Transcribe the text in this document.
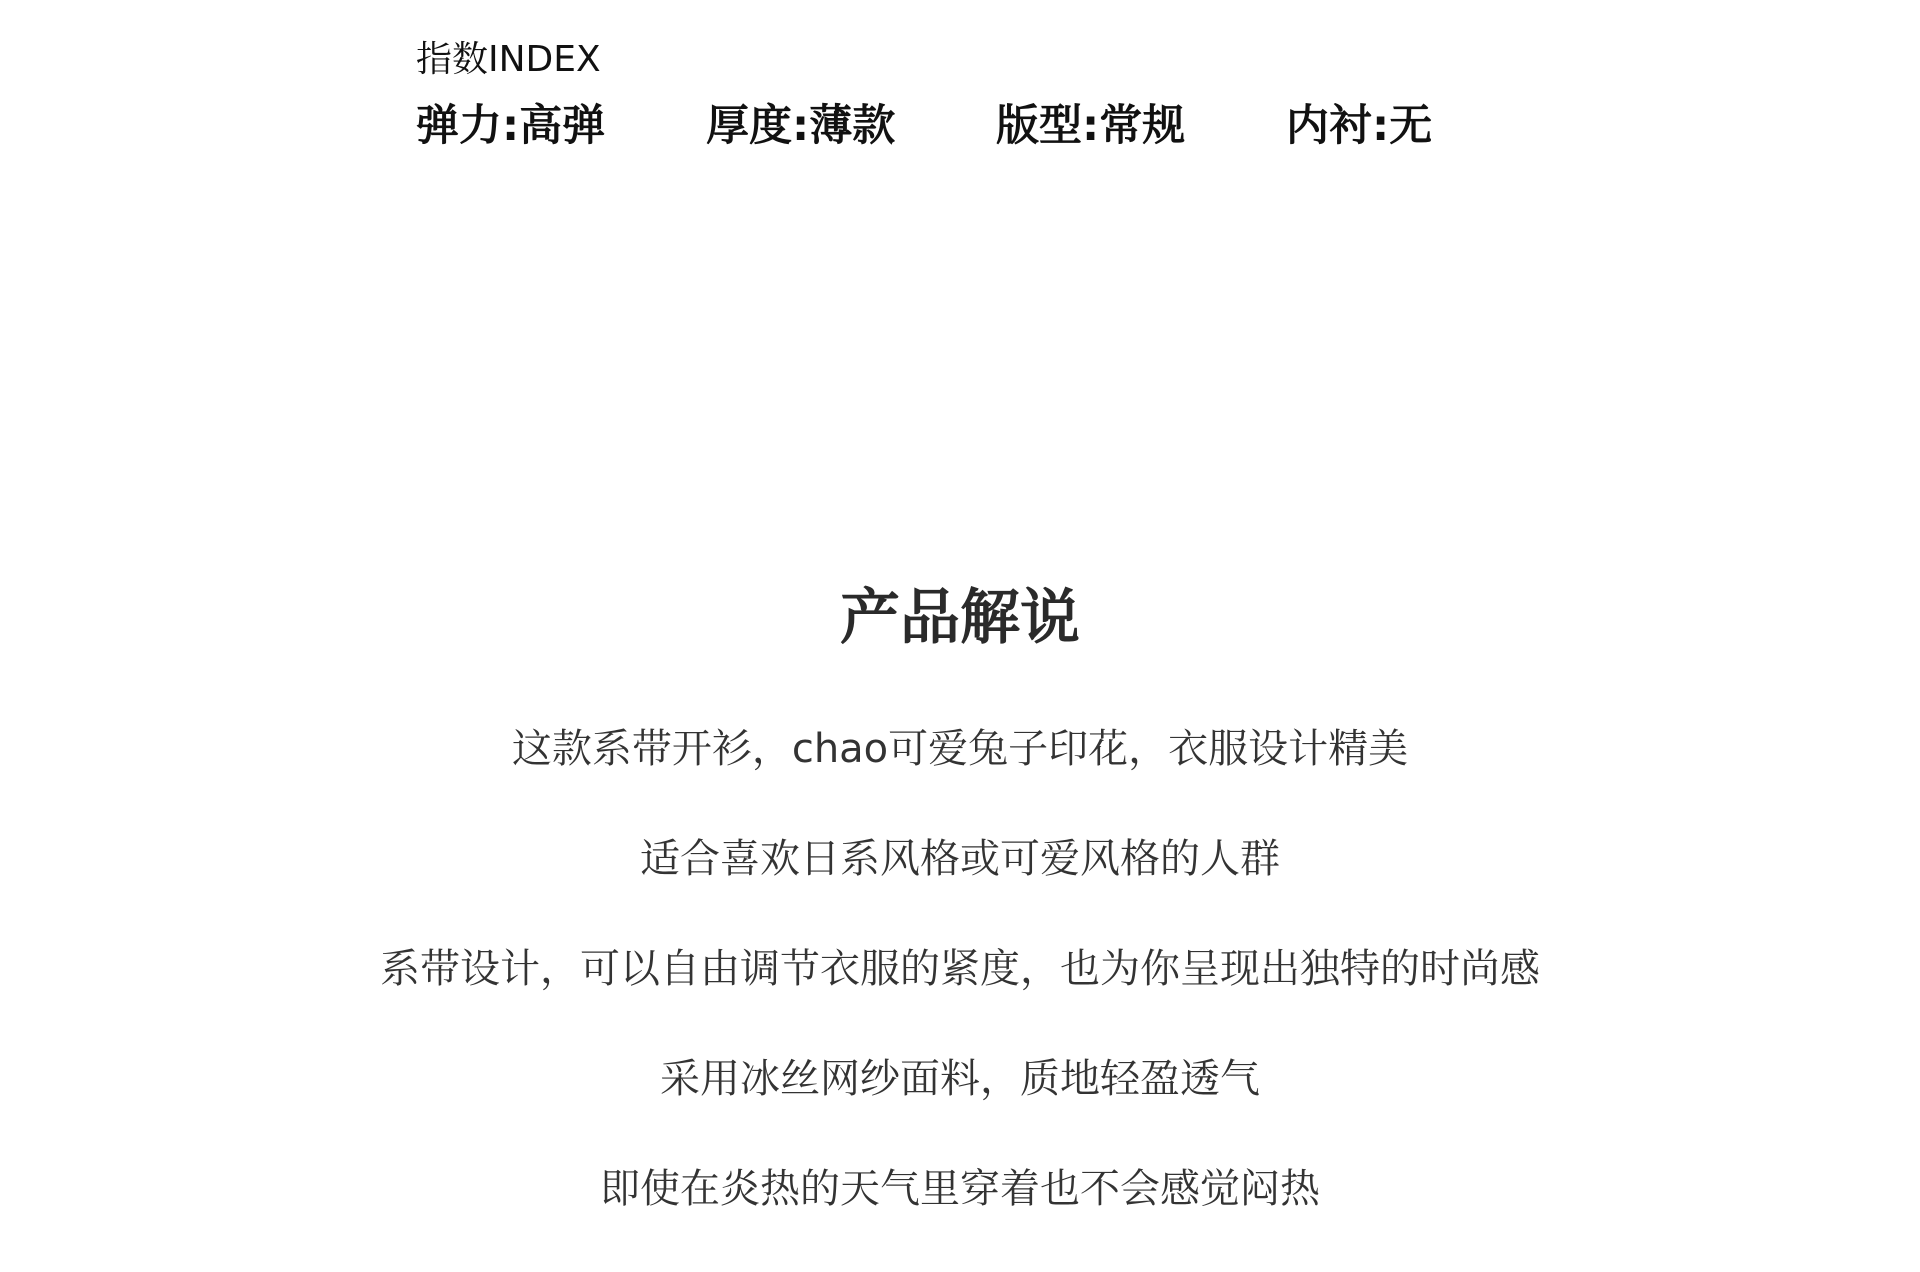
指数INDEX
弹力:高弹	厚度:薄款	版型:常规	内衬:无
产品解说
这款系带开衫，chao可爱兔子印花，衣服设计精美
适合喜欢日系风格或可爱风格的人群
系带设计，可以自由调节衣服的紧度，也为你呈现出独特的时尚感
采用冰丝网纱面料，质地轻盈透气
即使在炎热的天气里穿着也不会感觉闷热
